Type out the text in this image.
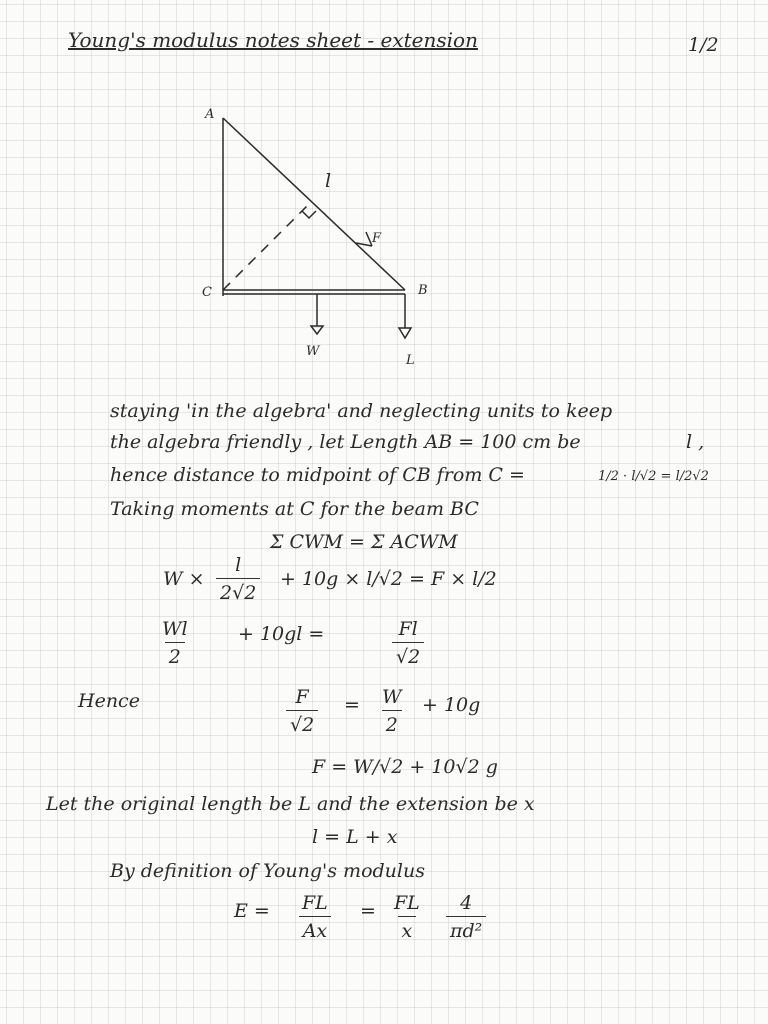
Young's modulus notes sheet - extension	1/2
A
B
C
l
F
W
L
staying 'in the algebra' and neglecting units to keep
the algebra friendly , let Length AB = 100 cm be	l ,
hence distance to midpoint of CB from C =	1/2 · l/√2 = l/2√2
Taking moments at C for the beam BC
Σ CWM = Σ ACWM
$W \times \frac{l}{2√2} + 10g \times l/√2 = F \times l/2$
$\frac{Wl}{2} + 10gl$ =	$\frac{Fl}{√2}$
Hence	$\frac{F}{√2} = \frac{W}{2} + 10g$
F = W/√2 + 10√2 g
Let the original length be L and the extension be x
l = L + x
By definition of Young's modulus
$E = \frac{FL}{Ax} = \frac{FL}{x} \frac{4}{\text{πd²}}$
